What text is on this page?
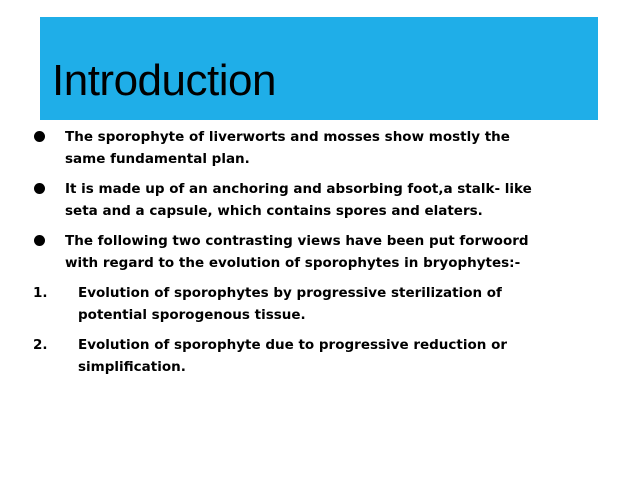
Introduction
The sporophyte of liverworts and mosses show mostly the
same fundamental plan.
It is made up of an anchoring and absorbing foot,a stalk- like
seta and a capsule, which contains spores and elaters.
The following two contrasting views have been put forwoord
with regard to the evolution of sporophytes in bryophytes:-
1. Evolution of sporophytes by progressive sterilization of
potential sporogenous tissue.
2. Evolution of sporophyte due to progressive reduction or
simplification.
